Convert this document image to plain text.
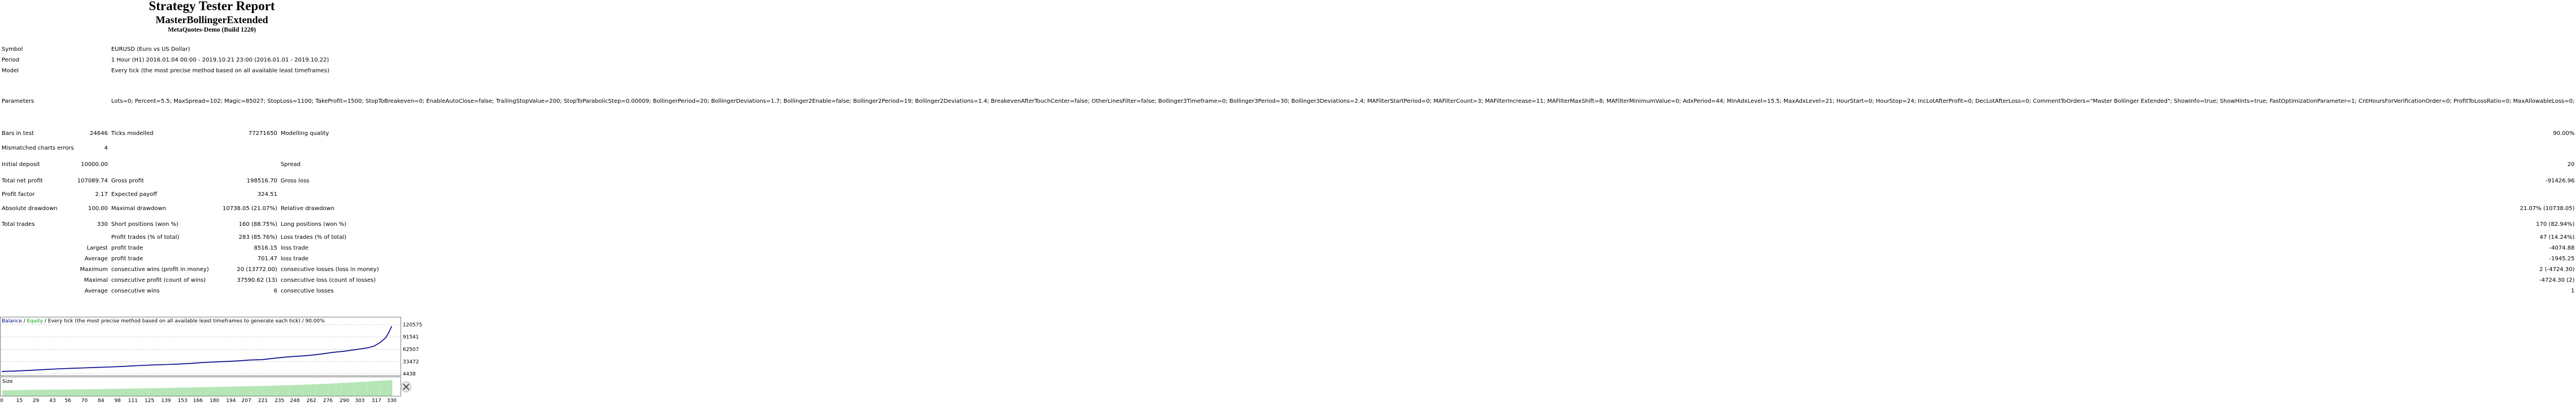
Strategy Tester Report
MasterBollingerExtended
MetaQuotes-Demo (Build 1220)
Symbol		EURUSD (Euro vs US Dollar)			
Period		1 Hour (H1) 2016.01.04 00:00 - 2019.10.21 23:00 (2016.01.01 - 2019.10.22)			
Model		Every tick (the most precise method based on all available least timeframes)			
Parameters		Lots=0; Percent=5.5; MaxSpread=102; Magic=85027; StopLoss=1100; TakeProfit=1500; StopToBreakeven=0; EnableAutoClose=false; TrailingStopValue=200; StopToParabolicStep=0.00009; BollingerPeriod=20; BollingerDeviations=1.7; Bollinger2Enable=false; Bollinger2Period=19; Bollinger2Deviations=1.4; BreakevenAfterTouchCenter=false; OtherLinesFilter=false; Bollinger3Timeframe=0; Bollinger3Period=30; Bollinger3Deviations=2.4; MAFilterStartPeriod=0; MAFilterCount=3; MAFilterIncrease=11; MAFilterMaxShift=8; MAFilterMinimumValue=0; AdxPeriod=44; MinAdxLevel=15.5; MaxAdxLevel=21; HourStart=0; HourStop=24; IncLotAfterProfit=0; DecLotAfterLoss=0; CommentToOrders="Master Bollinger Extended"; ShowInfo=true; ShowHints=true; FastOptimizationParameter=1; CntHoursForVerificationOrder=0; ProfitToLossRatio=0; MaxAllowableLoss=0;			
Bars in test	24646	Ticks modelled	77271650	Modelling quality	90.00%
Mismatched charts errors	4				
Initial deposit	10000.00			Spread	20
Total net profit	107089.74	Gross profit	198516.70	Gross loss	-91426.96
Profit factor	2.17	Expected payoff	324.51		
Absolute drawdown	100.00	Maximal drawdown	10738.05 (21.07%)	Relative drawdown	21.07% (10738.05)
Total trades	330	Short positions (won %)	160 (88.75%)	Long positions (won %)	170 (82.94%)
		Profit trades (% of total)	283 (85.76%)	Loss trades (% of total)	47 (14.24%)
Largest		profit trade	8516.15	loss trade	-4074.88
Average		profit trade	701.47	loss trade	-1945.25
Maximum		consecutive wins (profit in money)	20 (13772.00)	consecutive losses (loss in money)	2 (-4724.30)
Maximal		consecutive profit (count of wins)	37590.62 (13)	consecutive loss (count of losses)	-4724.30 (2)
Average		consecutive wins	6	consecutive losses	1
Balance / Equity / Every tick (the most precise method based on all available least timeframes to generate each tick) / 90.00%
Size
120575
91541
62507
33472
4438
0	15 29 43 56 70 84 98 111 125 139 153 166 180 194 207 221 235 248 262 276 290 303 317 330
